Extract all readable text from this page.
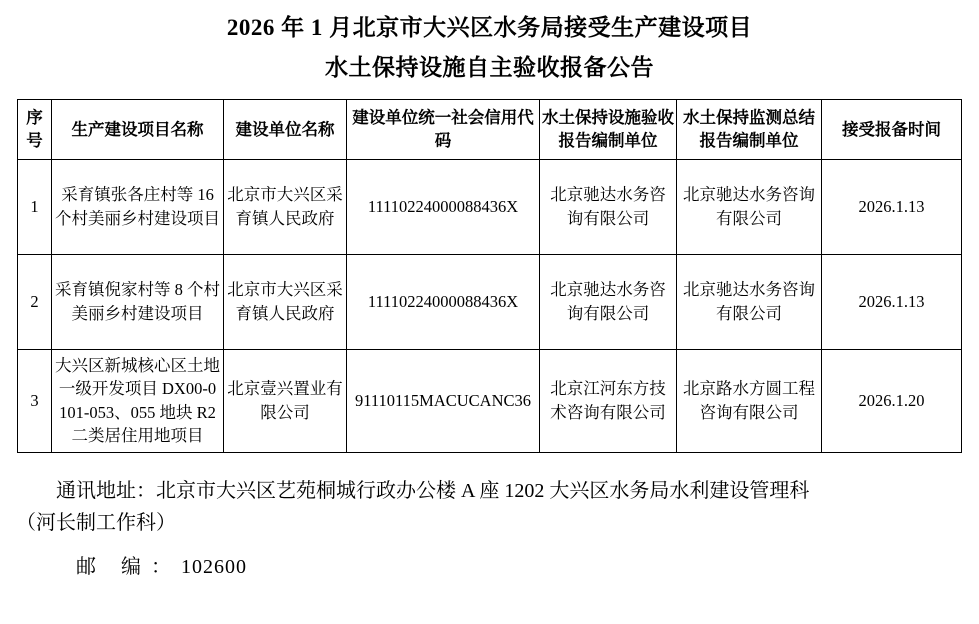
2026 年 1 月北京市大兴区水务局接受生产建设项目
水土保持设施自主验收报备公告
序号	生产建设项目名称	建设单位名称	建设单位统一社会信用代码	水土保持设施验收报告编制单位	水土保持监测总结报告编制单位	接受报备时间
1	采育镇张各庄村等 16 个村美丽乡村建设项目	北京市大兴区采育镇人民政府	11110224000088436X	北京驰达水务咨询有限公司	北京驰达水务咨询有限公司	2026.1.13
2	采育镇倪家村等 8 个村美丽乡村建设项目	北京市大兴区采育镇人民政府	11110224000088436X	北京驰达水务咨询有限公司	北京驰达水务咨询有限公司	2026.1.13
3	大兴区新城核心区土地一级开发项目 DX00-0101-053、055 地块 R2 二类居住用地项目	北京壹兴置业有限公司	91110115MACUCANC36	北京江河东方技术咨询有限公司	北京路水方圆工程咨询有限公司	2026.1.20

通讯地址：北京市大兴区艺苑桐城行政办公楼 A 座 1202 大兴区水务局水利建设管理科

（河长制工作科）

邮 编：102600
